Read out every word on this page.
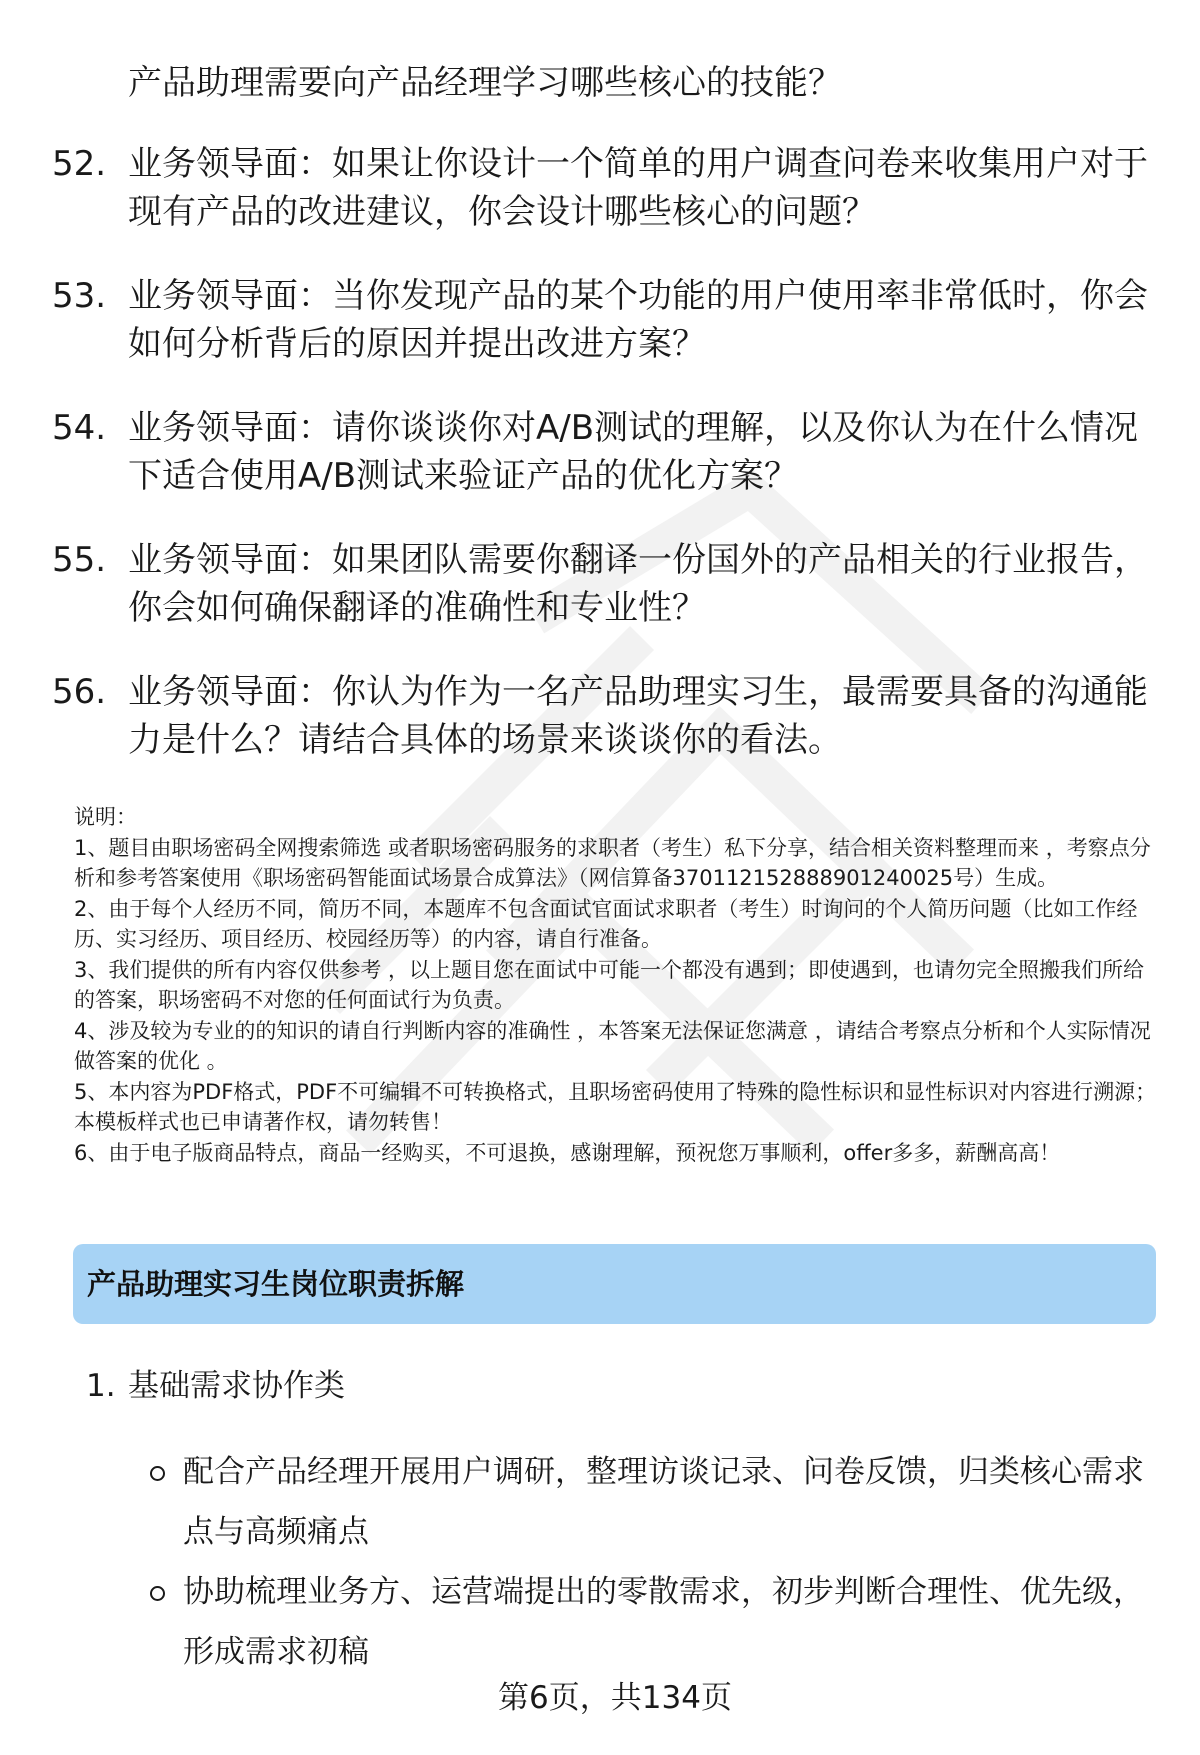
产品助理需要向产品经理学习哪些核心的技能？
52. 业务领导面：如果让你设计一个简单的用户调查问卷来收集用户对于现有产品的改进建议，你会设计哪些核心的问题？
53. 业务领导面：当你发现产品的某个功能的用户使用率非常低时，你会如何分析背后的原因并提出改进方案？
54. 业务领导面：请你谈谈你对A/B测试的理解，以及你认为在什么情况下适合使用A/B测试来验证产品的优化方案？
55. 业务领导面：如果团队需要你翻译一份国外的产品相关的行业报告，你会如何确保翻译的准确性和专业性？
56. 业务领导面：你认为作为一名产品助理实习生，最需要具备的沟通能力是什么？请结合具体的场景来谈谈你的看法。

说明：

1、题目由职场密码全网搜索筛选 或者职场密码服务的求职者（考生）私下分享，结合相关资料整理而来 ，考察点分析和参考答案使用《职场密码智能面试场景合成算法》（网信算备370112152888901240025号）生成。

2、由于每个人经历不同，简历不同，本题库不包含面试官面试求职者（考生）时询问的个人简历问题（比如工作经历、实习经历、项目经历、校园经历等）的内容，请自行准备。

3、我们提供的所有内容仅供参考 ，以上题目您在面试中可能一个都没有遇到；即使遇到，也请勿完全照搬我们所给的答案，职场密码不对您的任何面试行为负责。

4、涉及较为专业的的知识的请自行判断内容的准确性 ，本答案无法保证您满意 ，请结合考察点分析和个人实际情况做答案的优化 。

5、本内容为PDF格式，PDF不可编辑不可转换格式，且职场密码使用了特殊的隐性标识和显性标识对内容进行溯源；本模板样式也已申请著作权，请勿转售！

6、由于电子版商品特点，商品一经购买，不可退换，感谢理解，预祝您万事顺利，offer多多，薪酬高高！

产品助理实习生岗位职责拆解
1. 基础需求协作类
配合产品经理开展用户调研，整理访谈记录、问卷反馈，归类核心需求点与高频痛点
协助梳理业务方、运营端提出的零散需求，初步判断合理性、优先级，形成需求初稿
第6页，共134页
